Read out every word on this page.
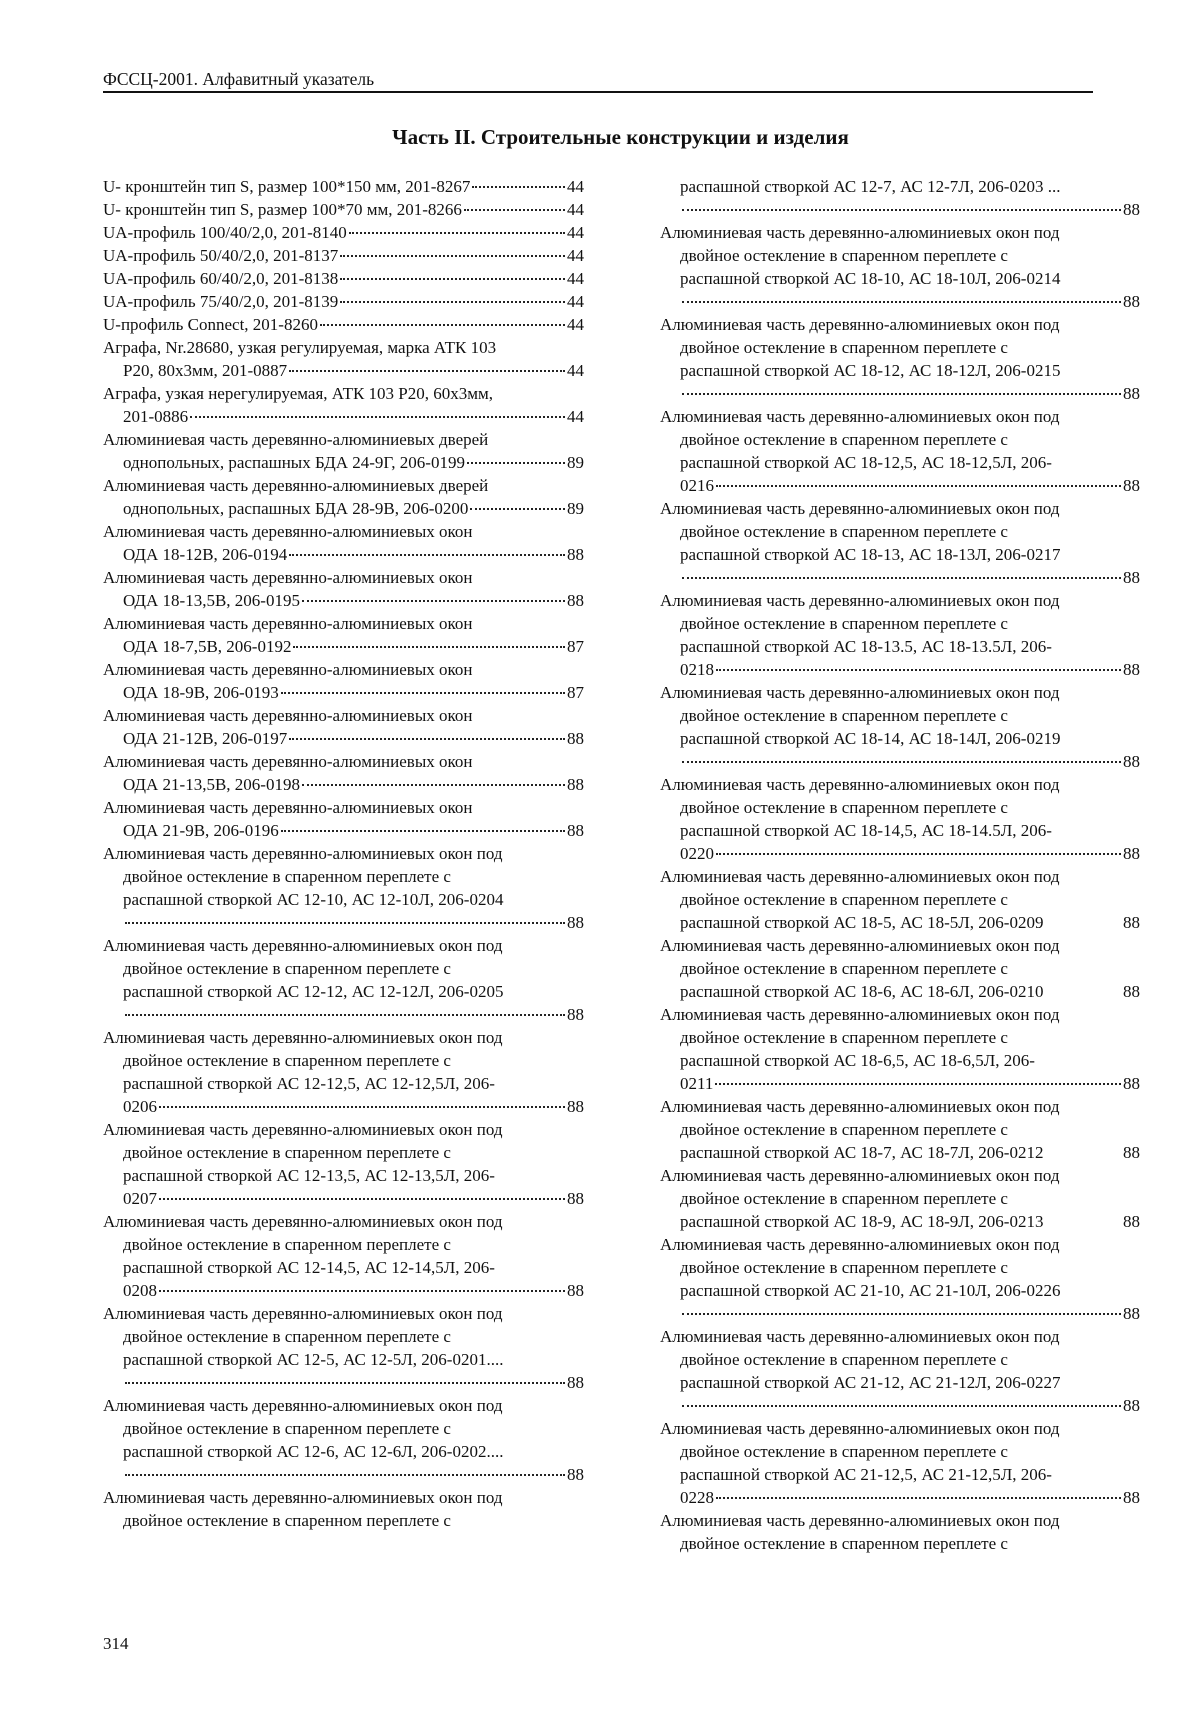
ФССЦ-2001. Алфавитный указатель
Часть II. Строительные конструкции и изделия
U- кронштейн тип S, размер 100*150 мм, 201-8267	44
U- кронштейн тип S, размер 100*70 мм, 201-8266	44
UA-профиль 100/40/2,0, 201-8140	44
UA-профиль 50/40/2,0, 201-8137	44
UA-профиль 60/40/2,0, 201-8138	44
UA-профиль 75/40/2,0, 201-8139	44
U-профиль Connect, 201-8260	44
Аграфа, Nr.28680, узкая регулируемая, марка АТК 103
P20, 80x3мм, 201-0887	44
Аграфа, узкая нерегулируемая, АТК 103 P20, 60x3мм,
201-0886	44
Алюминиевая часть деревянно-алюминиевых дверей
однопольных, распашных БДА 24-9Г, 206-0199	89
Алюминиевая часть деревянно-алюминиевых дверей
однопольных, распашных БДА 28-9В, 206-0200	89
Алюминиевая часть деревянно-алюминиевых окон
ОДА 18-12В, 206-0194	88
Алюминиевая часть деревянно-алюминиевых окон
ОДА 18-13,5В, 206-0195	88
Алюминиевая часть деревянно-алюминиевых окон
ОДА 18-7,5В, 206-0192	87
Алюминиевая часть деревянно-алюминиевых окон
ОДА 18-9В, 206-0193	87
Алюминиевая часть деревянно-алюминиевых окон
ОДА 21-12В, 206-0197	88
Алюминиевая часть деревянно-алюминиевых окон
ОДА 21-13,5В, 206-0198	88
Алюминиевая часть деревянно-алюминиевых окон
ОДА 21-9В, 206-0196	88
Алюминиевая часть деревянно-алюминиевых окон под
двойное остекление в спаренном переплете с
распашной створкой АС 12-10, АС 12-10Л, 206-0204
88
Алюминиевая часть деревянно-алюминиевых окон под
двойное остекление в спаренном переплете с
распашной створкой АС 12-12, АС 12-12Л, 206-0205
88
Алюминиевая часть деревянно-алюминиевых окон под
двойное остекление в спаренном переплете с
распашной створкой АС 12-12,5, АС 12-12,5Л, 206-
0206	88
Алюминиевая часть деревянно-алюминиевых окон под
двойное остекление в спаренном переплете с
распашной створкой АС 12-13,5, АС 12-13,5Л, 206-
0207	88
Алюминиевая часть деревянно-алюминиевых окон под
двойное остекление в спаренном переплете с
распашной створкой АС 12-14,5, АС 12-14,5Л, 206-
0208	88
Алюминиевая часть деревянно-алюминиевых окон под
двойное остекление в спаренном переплете с
распашной створкой АС 12-5, АС 12-5Л, 206-0201....
88
Алюминиевая часть деревянно-алюминиевых окон под
двойное остекление в спаренном переплете с
распашной створкой АС 12-6, АС 12-6Л, 206-0202....
88
Алюминиевая часть деревянно-алюминиевых окон под
двойное остекление в спаренном переплете с
распашной створкой АС 12-7, АС 12-7Л, 206-0203 ...
88
Алюминиевая часть деревянно-алюминиевых окон под
двойное остекление в спаренном переплете с
распашной створкой АС 18-10, АС 18-10Л, 206-0214
88
Алюминиевая часть деревянно-алюминиевых окон под
двойное остекление в спаренном переплете с
распашной створкой АС 18-12, АС 18-12Л, 206-0215
88
Алюминиевая часть деревянно-алюминиевых окон под
двойное остекление в спаренном переплете с
распашной створкой АС 18-12,5, АС 18-12,5Л, 206-
0216	88
Алюминиевая часть деревянно-алюминиевых окон под
двойное остекление в спаренном переплете с
распашной створкой АС 18-13, АС 18-13Л, 206-0217
88
Алюминиевая часть деревянно-алюминиевых окон под
двойное остекление в спаренном переплете с
распашной створкой АС 18-13.5, АС 18-13.5Л, 206-
0218	88
Алюминиевая часть деревянно-алюминиевых окон под
двойное остекление в спаренном переплете с
распашной створкой АС 18-14, АС 18-14Л, 206-0219
88
Алюминиевая часть деревянно-алюминиевых окон под
двойное остекление в спаренном переплете с
распашной створкой АС 18-14,5, АС 18-14.5Л, 206-
0220	88
Алюминиевая часть деревянно-алюминиевых окон под
двойное остекление в спаренном переплете с
распашной створкой АС 18-5, АС 18-5Л, 206-0209	88
Алюминиевая часть деревянно-алюминиевых окон под
двойное остекление в спаренном переплете с
распашной створкой АС 18-6, АС 18-6Л, 206-0210	88
Алюминиевая часть деревянно-алюминиевых окон под
двойное остекление в спаренном переплете с
распашной створкой АС 18-6,5, АС 18-6,5Л, 206-
0211	88
Алюминиевая часть деревянно-алюминиевых окон под
двойное остекление в спаренном переплете с
распашной створкой АС 18-7, АС 18-7Л, 206-0212	88
Алюминиевая часть деревянно-алюминиевых окон под
двойное остекление в спаренном переплете с
распашной створкой АС 18-9, АС 18-9Л, 206-0213	88
Алюминиевая часть деревянно-алюминиевых окон под
двойное остекление в спаренном переплете с
распашной створкой АС 21-10, АС 21-10Л, 206-0226
88
Алюминиевая часть деревянно-алюминиевых окон под
двойное остекление в спаренном переплете с
распашной створкой АС 21-12, АС 21-12Л, 206-0227
88
Алюминиевая часть деревянно-алюминиевых окон под
двойное остекление в спаренном переплете с
распашной створкой АС 21-12,5, АС 21-12,5Л, 206-
0228	88
Алюминиевая часть деревянно-алюминиевых окон под
двойное остекление в спаренном переплете с
314
